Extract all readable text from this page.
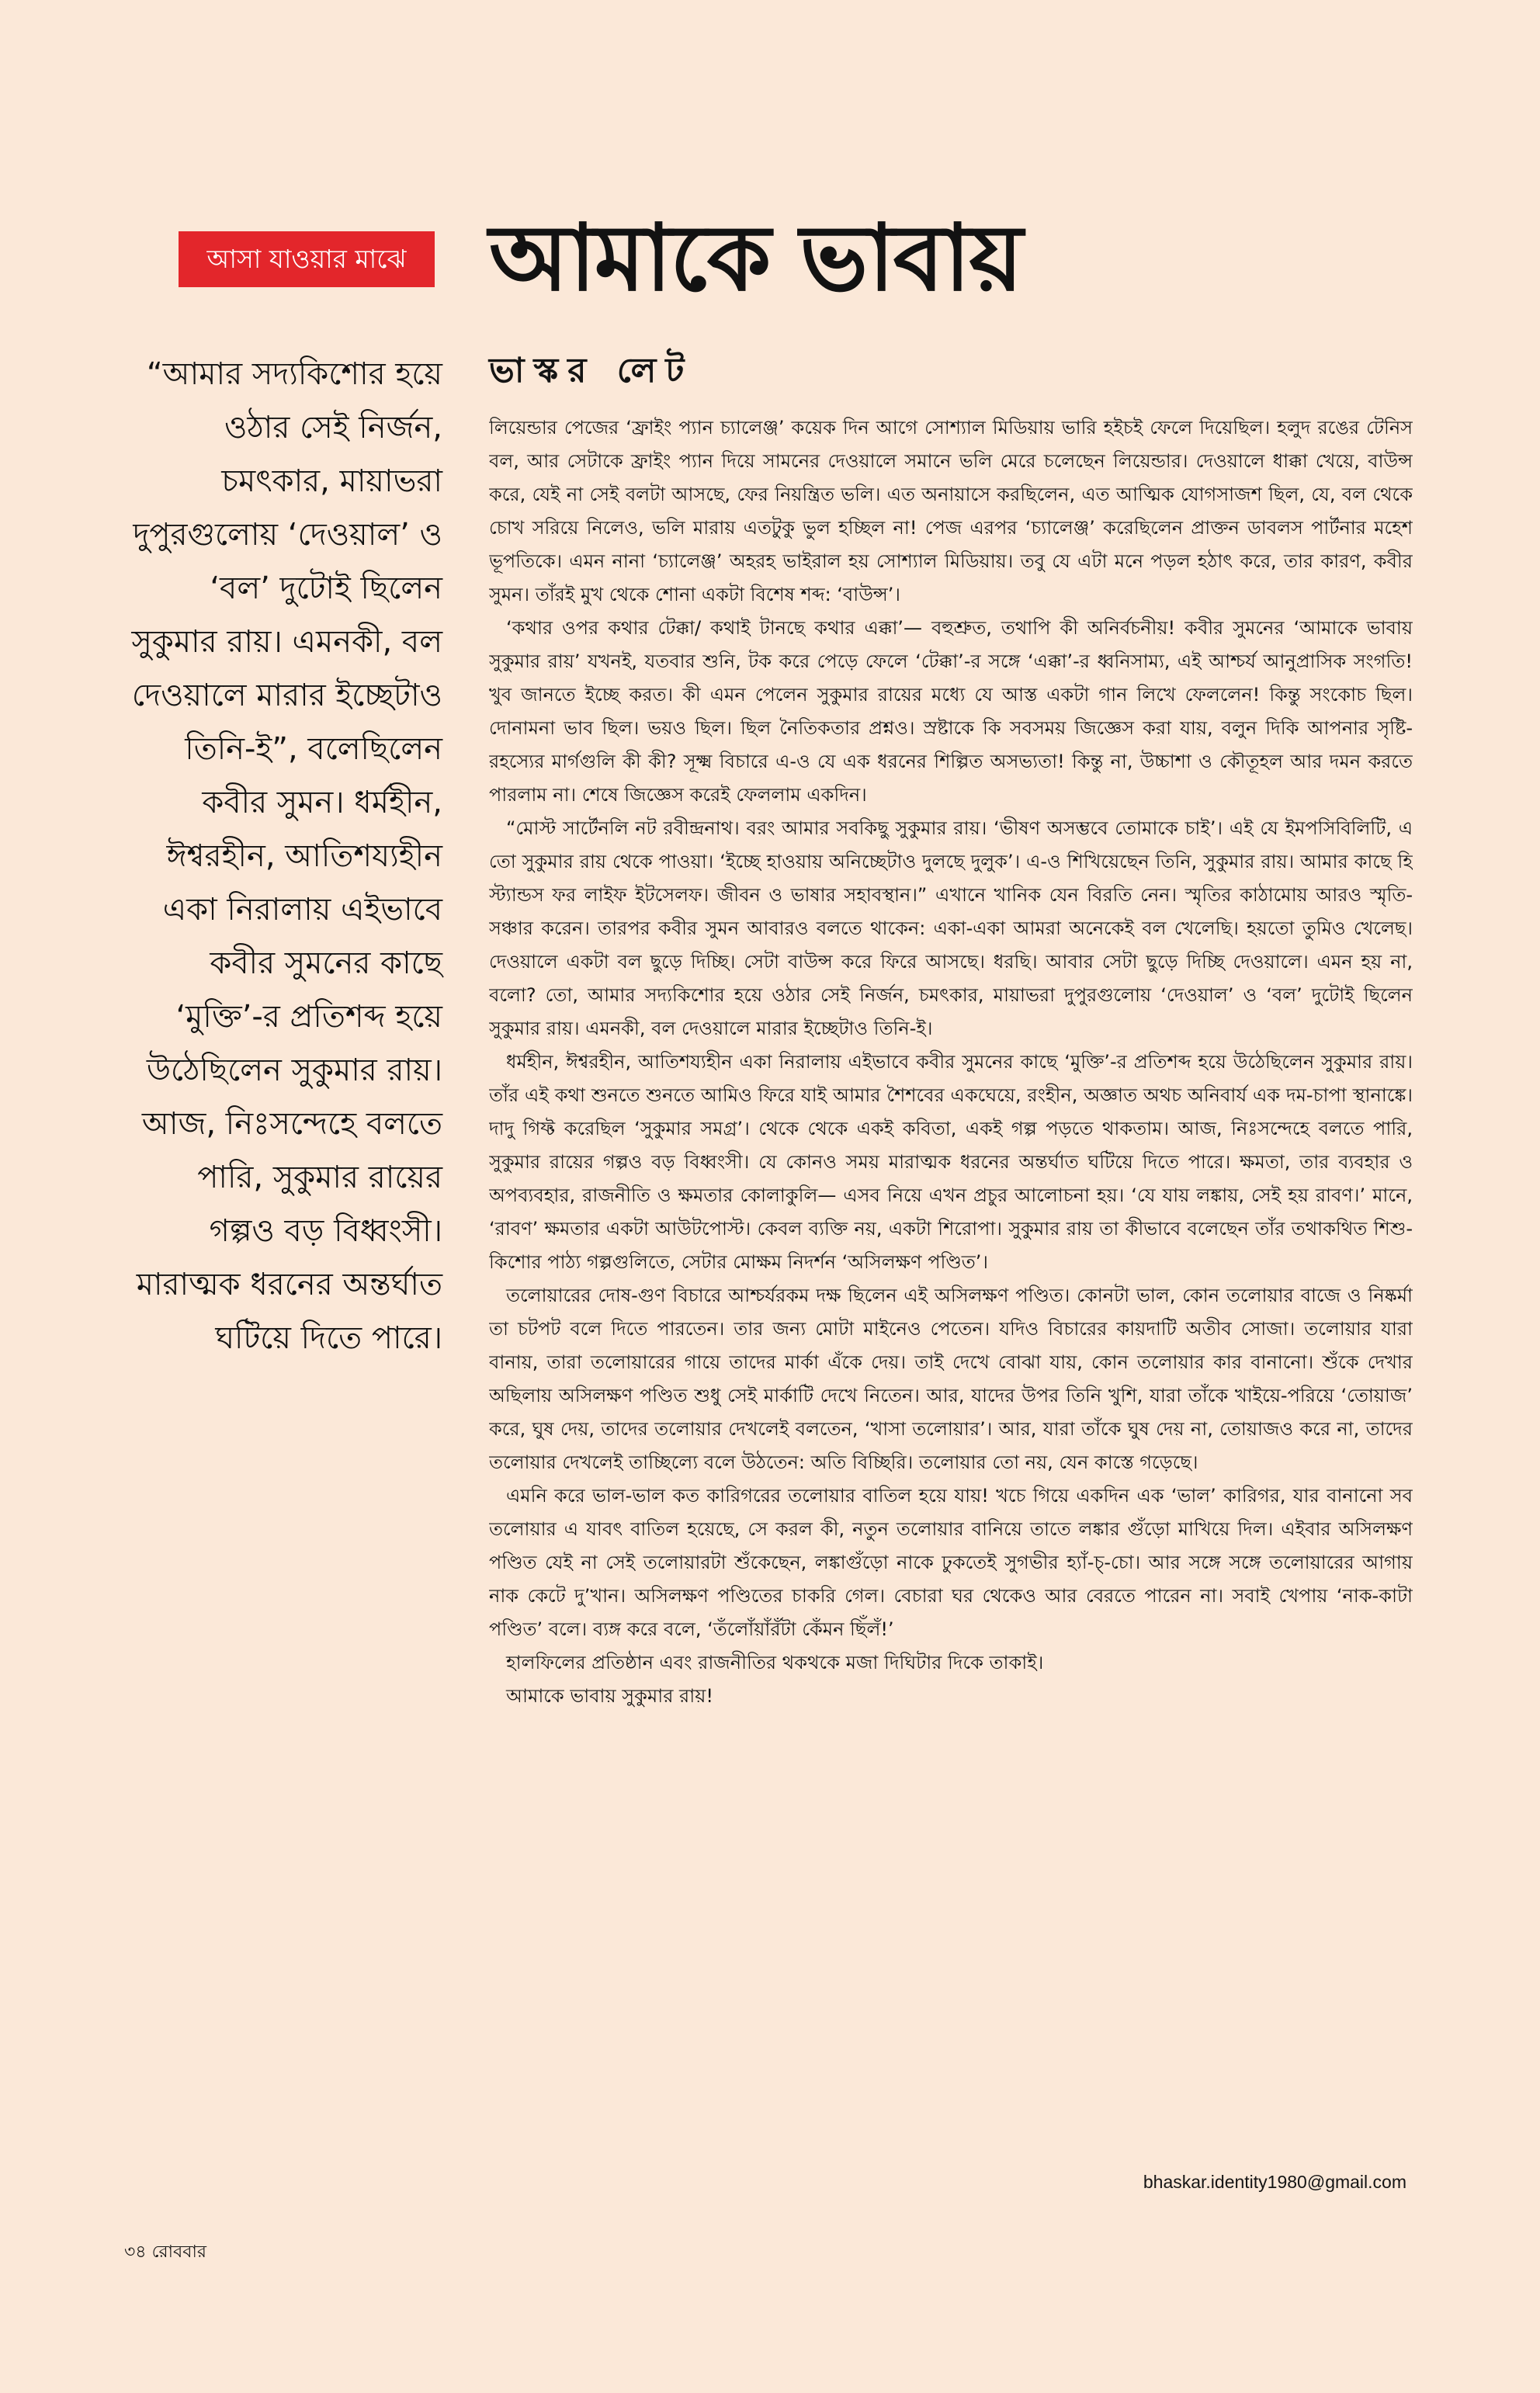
আসা যাওয়ার মাঝে আমাকে ভাবায়
ভাস্কর লেট
“আমার সদ্যকিশোর হয়ে ওঠার সেই নির্জন, চমৎকার, মায়াভরা দুপুরগুলোয় ‘দেওয়াল’ ও ‘বল’ দুটোই ছিলেন সুকুমার রায়। এমনকী, বল দেওয়ালে মারার ইচ্ছেটাও তিনি-ই”, বলেছিলেন কবীর সুমন। ধর্মহীন, ঈশ্বরহীন, আতিশয্যহীন একা নিরালায় এইভাবে কবীর সুমনের কাছে ‘মুক্তি’-র প্রতিশব্দ হয়ে উঠেছিলেন সুকুমার রায়। আজ, নিঃসন্দেহে বলতে পারি, সুকুমার রায়ের গল্পও বড় বিধ্বংসী। মারাত্মক ধরনের অন্তর্ঘাত ঘটিয়ে দিতে পারে।

লিয়েন্ডার পেজের ‘ফ্রাইং প্যান চ্যালেঞ্জ’ কয়েক দিন আগে সোশ্যাল মিডিয়ায় ভারি হইচই ফেলে দিয়েছিল। হলুদ রঙের টেনিস বল, আর সেটাকে ফ্রাইং প্যান দিয়ে সামনের দেওয়ালে সমানে ভলি মেরে চলেছেন লিয়েন্ডার। দেওয়ালে ধাক্কা খেয়ে, বাউন্স করে, যেই না সেই বলটা আসছে, ফের নিয়ন্ত্রিত ভলি। এত অনায়াসে করছিলেন, এত আত্মিক যোগসাজশ ছিল, যে, বল থেকে চোখ সরিয়ে নিলেও, ভলি মারায় এতটুকু ভুল হচ্ছিল না! পেজ এরপর ‘চ্যালেঞ্জ’ করেছিলেন প্রাক্তন ডাবলস পার্টনার মহেশ ভূপতিকে। এমন নানা ‘চ্যালেঞ্জ’ অহরহ ভাইরাল হয় সোশ্যাল মিডিয়ায়। তবু যে এটা মনে পড়ল হঠাৎ করে, তার কারণ, কবীর সুমন। তাঁরই মুখ থেকে শোনা একটা বিশেষ শব্দ: ‘বাউন্স’।

‘কথার ওপর কথার টেক্কা/ কথাই টানছে কথার এক্কা’— বহুশ্রুত, তথাপি কী অনির্বচনীয়! কবীর সুমনের ‘আমাকে ভাবায় সুকুমার রায়’ যখনই, যতবার শুনি, টক করে পেড়ে ফেলে ‘টেক্কা’-র সঙ্গে ‘এক্কা’-র ধ্বনিসাম্য, এই আশ্চর্য আনুপ্রাসিক সংগতি! খুব জানতে ইচ্ছে করত। কী এমন পেলেন সুকুমার রায়ের মধ্যে যে আস্ত একটা গান লিখে ফেললেন! কিন্তু সংকোচ ছিল। দোনামনা ভাব ছিল। ভয়ও ছিল। ছিল নৈতিকতার প্রশ্নও। স্রষ্টাকে কি সবসময় জিজ্ঞেস করা যায়, বলুন দিকি আপনার সৃষ্টি-রহস্যের মার্গগুলি কী কী? সূক্ষ্ম বিচারে এ-ও যে এক ধরনের শিল্পিত অসভ্যতা! কিন্তু না, উচ্চাশা ও কৌতূহল আর দমন করতে পারলাম না। শেষে জিজ্ঞেস করেই ফেললাম একদিন।

“মোস্ট সার্টেনলি নট রবীন্দ্রনাথ। বরং আমার সবকিছু সুকুমার রায়। ‘ভীষণ অসম্ভবে তোমাকে চাই’। এই যে ইমপসিবিলিটি, এ তো সুকুমার রায় থেকে পাওয়া। ‘ইচ্ছে হাওয়ায় অনিচ্ছেটাও দুলছে দুলুক’। এ-ও শিখিয়েছেন তিনি, সুকুমার রায়। আমার কাছে হি স্ট্যান্ডস ফর লাইফ ইটসেলফ। জীবন ও ভাষার সহাবস্থান।” এখানে খানিক যেন বিরতি নেন। স্মৃতির কাঠামোয় আরও স্মৃতি-সঞ্চার করেন। তারপর কবীর সুমন আবারও বলতে থাকেন: একা-একা আমরা অনেকেই বল খেলেছি। হয়তো তুমিও খেলেছ। দেওয়ালে একটা বল ছুড়ে দিচ্ছি। সেটা বাউন্স করে ফিরে আসছে। ধরছি। আবার সেটা ছুড়ে দিচ্ছি দেওয়ালে। এমন হয় না, বলো? তো, আমার সদ্যকিশোর হয়ে ওঠার সেই নির্জন, চমৎকার, মায়াভরা দুপুরগুলোয় ‘দেওয়াল’ ও ‘বল’ দুটোই ছিলেন সুকুমার রায়। এমনকী, বল দেওয়ালে মারার ইচ্ছেটাও তিনি-ই।

ধর্মহীন, ঈশ্বরহীন, আতিশয্যহীন একা নিরালায় এইভাবে কবীর সুমনের কাছে ‘মুক্তি’-র প্রতিশব্দ হয়ে উঠেছিলেন সুকুমার রায়। তাঁর এই কথা শুনতে শুনতে আমিও ফিরে যাই আমার শৈশবের একঘেয়ে, রংহীন, অজ্ঞাত অথচ অনিবার্য এক দম-চাপা স্থানাঙ্কে। দাদু গিফ্ট করেছিল ‘সুকুমার সমগ্র’। থেকে থেকে একই কবিতা, একই গল্প পড়তে থাকতাম। আজ, নিঃসন্দেহে বলতে পারি, সুকুমার রায়ের গল্পও বড় বিধ্বংসী। যে কোনও সময় মারাত্মক ধরনের অন্তর্ঘাত ঘটিয়ে দিতে পারে। ক্ষমতা, তার ব্যবহার ও অপব্যবহার, রাজনীতি ও ক্ষমতার কোলাকুলি— এসব নিয়ে এখন প্রচুর আলোচনা হয়। ‘যে যায় লঙ্কায়, সেই হয় রাবণ।’ মানে, ‘রাবণ’ ক্ষমতার একটা আউটপোস্ট। কেবল ব্যক্তি নয়, একটা শিরোপা। সুকুমার রায় তা কীভাবে বলেছেন তাঁর তথাকথিত শিশু-কিশোর পাঠ্য গল্পগুলিতে, সেটার মোক্ষম নিদর্শন ‘অসিলক্ষণ পণ্ডিত’।

তলোয়ারের দোষ-গুণ বিচারে আশ্চর্যরকম দক্ষ ছিলেন এই অসিলক্ষণ পণ্ডিত। কোনটা ভাল, কোন তলোয়ার বাজে ও নিষ্কর্মা তা চটপট বলে দিতে পারতেন। তার জন্য মোটা মাইনেও পেতেন। যদিও বিচারের কায়দাটি অতীব সোজা। তলোয়ার যারা বানায়, তারা তলোয়ারের গায়ে তাদের মার্কা এঁকে দেয়। তাই দেখে বোঝা যায়, কোন তলোয়ার কার বানানো। শুঁকে দেখার অছিলায় অসিলক্ষণ পণ্ডিত শুধু সেই মার্কাটি দেখে নিতেন। আর, যাদের উপর তিনি খুশি, যারা তাঁকে খাইয়ে-পরিয়ে ‘তোয়াজ’ করে, ঘুষ দেয়, তাদের তলোয়ার দেখলেই বলতেন, ‘খাসা তলোয়ার’। আর, যারা তাঁকে ঘুষ দেয় না, তোয়াজও করে না, তাদের তলোয়ার দেখলেই তাচ্ছিল্যে বলে উঠতেন: অতি বিচ্ছিরি। তলোয়ার তো নয়, যেন কাস্তে গড়েছে।

এমনি করে ভাল-ভাল কত কারিগরের তলোয়ার বাতিল হয়ে যায়! খচে গিয়ে একদিন এক ‘ভাল’ কারিগর, যার বানানো সব তলোয়ার এ যাবৎ বাতিল হয়েছে, সে করল কী, নতুন তলোয়ার বানিয়ে তাতে লঙ্কার গুঁড়ো মাখিয়ে দিল। এইবার অসিলক্ষণ পণ্ডিত যেই না সেই তলোয়ারটা শুঁকেছেন, লঙ্কাগুঁড়ো নাকে ঢুকতেই সুগভীর হ্যাঁ-চ্-চো। আর সঙ্গে সঙ্গে তলোয়ারের আগায় নাক কেটে দু’খান। অসিলক্ষণ পণ্ডিতের চাকরি গেল। বেচারা ঘর থেকেও আর বেরতে পারেন না। সবাই খেপায় ‘নাক-কাটা পণ্ডিত’ বলে। ব্যঙ্গ করে বলে, ‘তঁলোঁয়াঁরঁটা কেঁমন ছিঁলঁ!’

হালফিলের প্রতিষ্ঠান এবং রাজনীতির থকথকে মজা দিঘিটার দিকে তাকাই।

আমাকে ভাবায় সুকুমার রায়!

bhaskar.identity1980@gmail.com
৩৪ রোববার
